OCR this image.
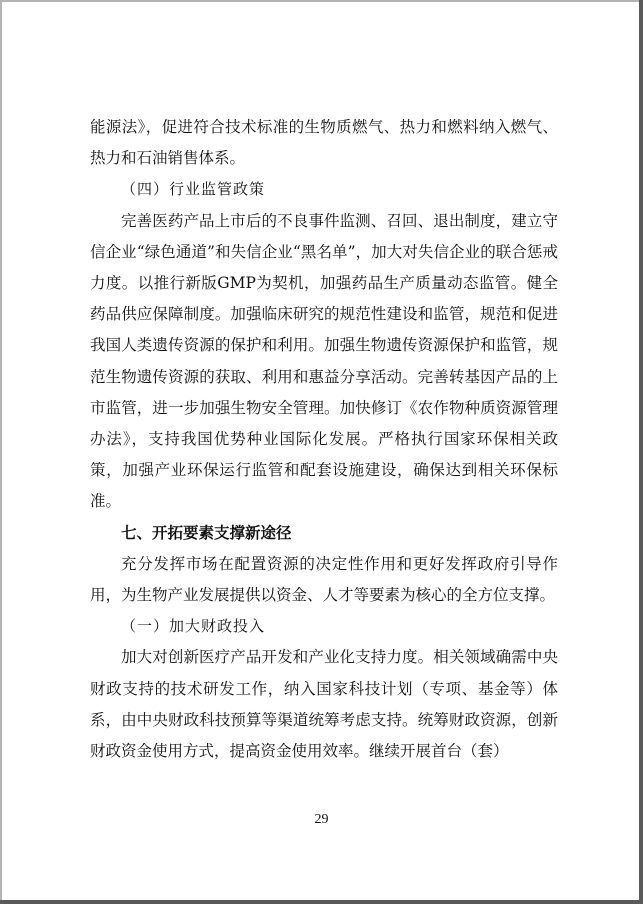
能源法》，促进符合技术标准的生物质燃气、热力和燃料纳入燃气、热力和石油销售体系。

（四）行业监管政策

完善医药产品上市后的不良事件监测、召回、退出制度，建立守信企业“绿色通道”和失信企业“黑名单”，加大对失信企业的联合惩戒力度。以推行新版GMP为契机，加强药品生产质量动态监管。健全药品供应保障制度。加强临床研究的规范性建设和监管，规范和促进我国人类遗传资源的保护和利用。加强生物遗传资源保护和监管，规范生物遗传资源的获取、利用和惠益分享活动。完善转基因产品的上市监管，进一步加强生物安全管理。加快修订《农作物种质资源管理办法》，支持我国优势种业国际化发展。严格执行国家环保相关政策，加强产业环保运行监管和配套设施建设，确保达到相关环保标准。

七、开拓要素支撑新途径

充分发挥市场在配置资源的决定性作用和更好发挥政府引导作用，为生物产业发展提供以资金、人才等要素为核心的全方位支撑。

（一）加大财政投入

加大对创新医疗产品开发和产业化支持力度。相关领域确需中央财政支持的技术研发工作，纳入国家科技计划（专项、基金等）体系，由中央财政科技预算等渠道统筹考虑支持。统筹财政资源，创新财政资金使用方式，提高资金使用效率。继续开展首台（套）

29
